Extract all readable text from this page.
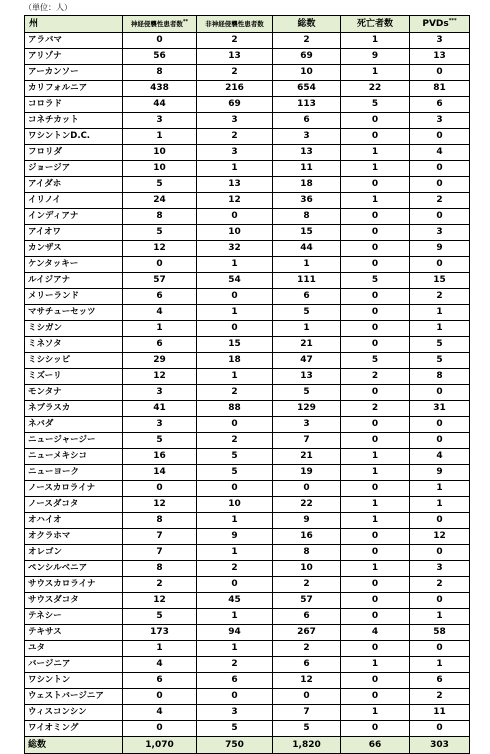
（単位：人）
州	神経侵襲性患者数**	非神経侵襲性患者数	総数	死亡者数	PVDs***
アラバマ	0	2	2	1	3
アリゾナ	56	13	69	9	13
アーカンソー	8	2	10	1	0
カリフォルニア	438	216	654	22	81
コロラド	44	69	113	5	6
コネチカット	3	3	6	0	3
ワシントンD.C.	1	2	3	0	0
フロリダ	10	3	13	1	4
ジョージア	10	1	11	1	0
アイダホ	5	13	18	0	0
イリノイ	24	12	36	1	2
インディアナ	8	0	8	0	0
アイオワ	5	10	15	0	3
カンザス	12	32	44	0	9
ケンタッキー	0	1	1	0	0
ルイジアナ	57	54	111	5	15
メリーランド	6	0	6	0	2
マサチューセッツ	4	1	5	0	1
ミシガン	1	0	1	0	1
ミネソタ	6	15	21	0	5
ミシシッピ	29	18	47	5	5
ミズーリ	12	1	13	2	8
モンタナ	3	2	5	0	0
ネブラスカ	41	88	129	2	31
ネバダ	3	0	3	0	0
ニュージャージー	5	2	7	0	0
ニューメキシコ	16	5	21	1	4
ニューヨーク	14	5	19	1	9
ノースカロライナ	0	0	0	0	1
ノースダコタ	12	10	22	1	1
オハイオ	8	1	9	1	0
オクラホマ	7	9	16	0	12
オレゴン	7	1	8	0	0
ペンシルベニア	8	2	10	1	3
サウスカロライナ	2	0	2	0	2
サウスダコタ	12	45	57	0	0
テネシー	5	1	6	0	1
テキサス	173	94	267	4	58
ユタ	1	1	2	0	0
バージニア	4	2	6	1	1
ワシントン	6	6	12	0	6
ウェストバージニア	0	0	0	0	2
ウィスコンシン	4	3	7	1	11
ワイオミング	0	5	5	0	0
総数	1,070	750	1,820	66	303
